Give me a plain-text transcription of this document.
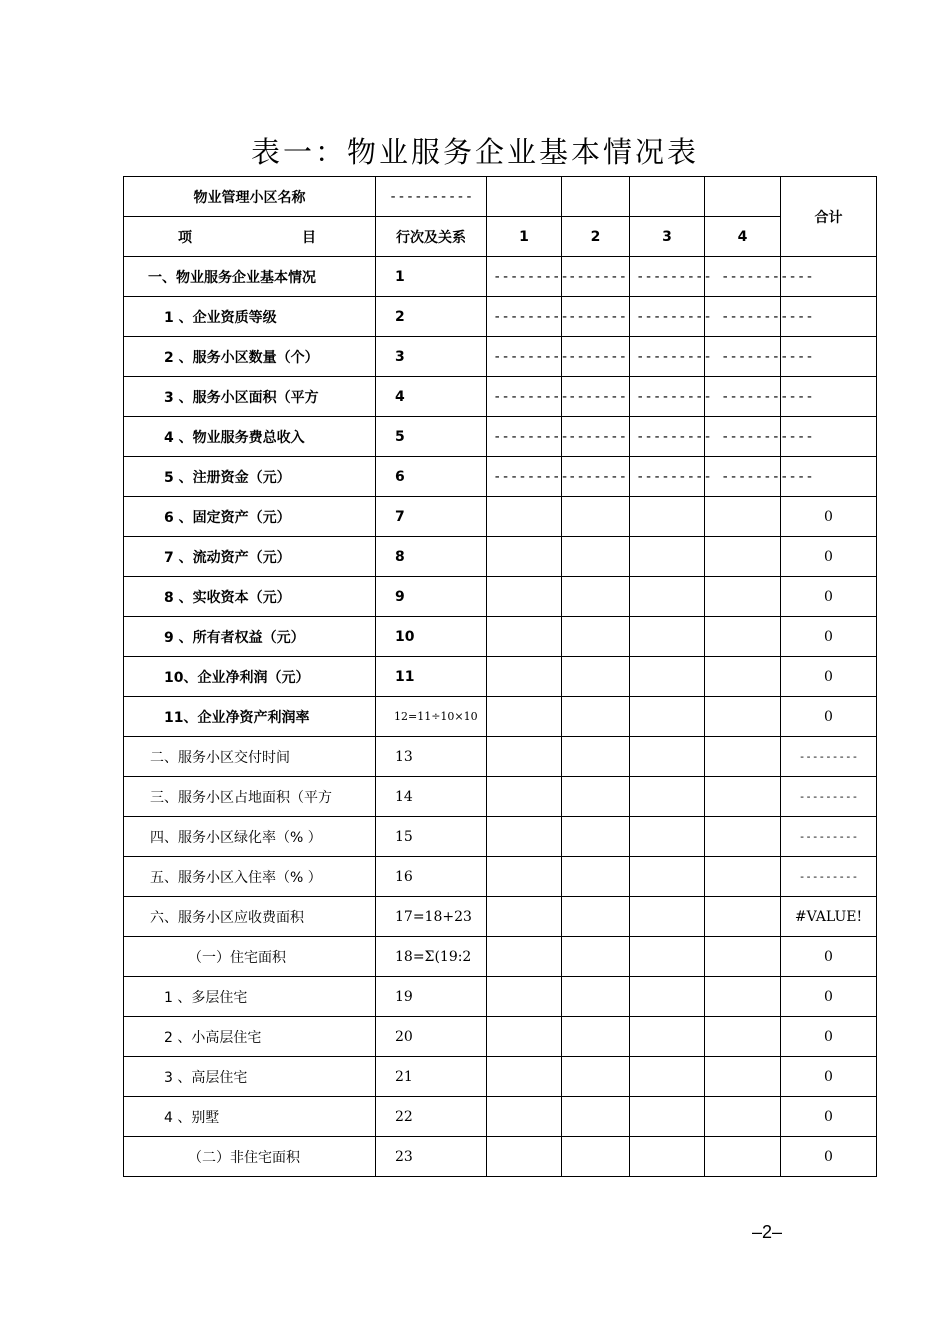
表一：物业服务企业基本情况表
物业管理小区名称	----------					合计
项 目	行次及关系	1	2	3	4	
一、物业服务企业基本情况	1	---------	-------	---------	-----------	
1 、企业资质等级	2	---------	-------	---------	-----------	
2 、服务小区数量（个）	3	---------	-------	---------	-----------	
3 、服务小区面积（平方	4	---------	-------	---------	-----------	
4 、物业服务费总收入	5	---------	-------	---------	-----------	
5 、注册资金（元）	6	---------	-------	---------	-----------	
6 、固定资产（元）	7					0
7 、流动资产（元）	8					0
8 、实收资本（元）	9					0
9 、所有者权益（元）	10					0
10、企业净利润（元）	11					0
11、企业净资产利润率	12=11÷10×10					0
二、服务小区交付时间	13					---------
三、服务小区占地面积（平方	14					---------
四、服务小区绿化率（% ）	15					---------
五、服务小区入住率（% ）	16					---------
六、服务小区应收费面积	17=18+23					#VALUE!
（一）住宅面积	18=Σ(19:2					0
1 、多层住宅	19					0
2 、小高层住宅	20					0
3 、高层住宅	21					0
4 、别墅	22					0
（二）非住宅面积	23					0
–2–
